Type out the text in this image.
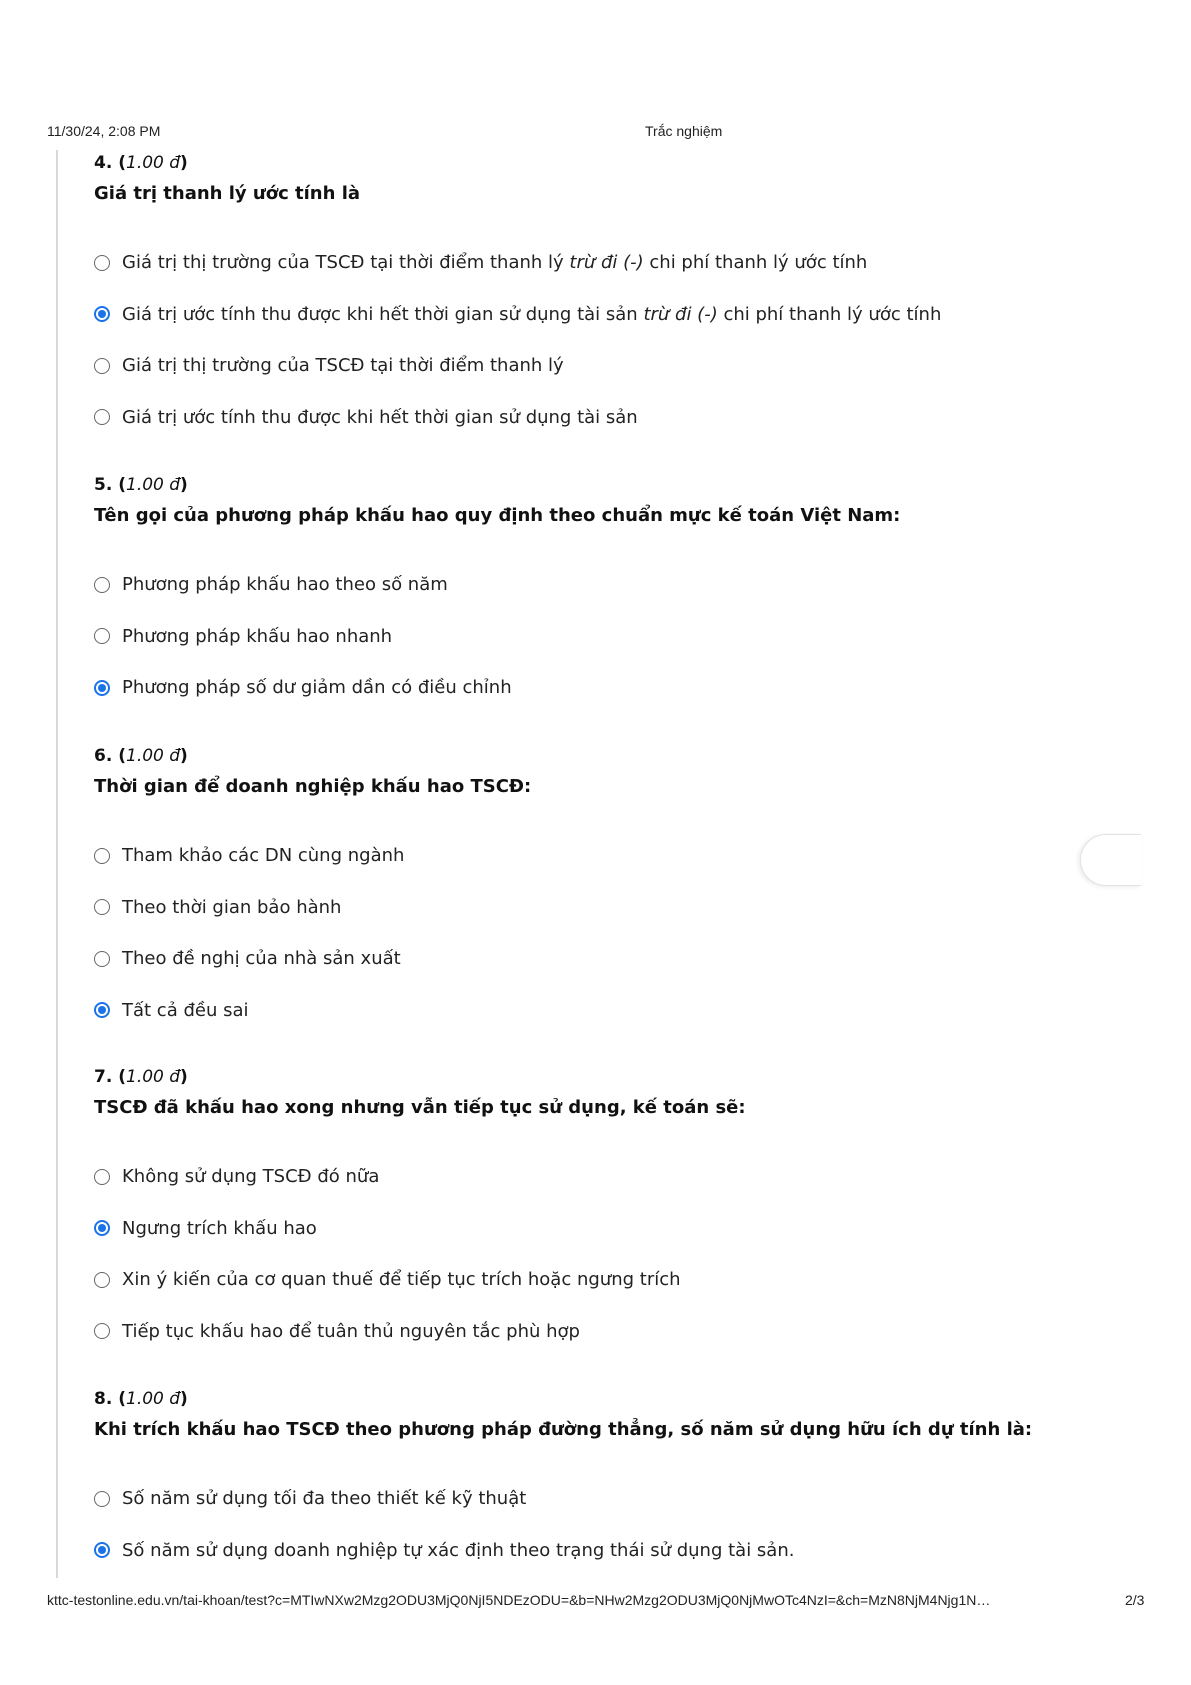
11/30/24, 2:08 PM	Trắc nghiệm
4. (1.00 đ)
Giá trị thanh lý ước tính là
Giá trị thị trường của TSCĐ tại thời điểm thanh lý trừ đi (-) chi phí thanh lý ước tính
Giá trị ước tính thu được khi hết thời gian sử dụng tài sản trừ đi (-) chi phí thanh lý ước tính
Giá trị thị trường của TSCĐ tại thời điểm thanh lý
Giá trị ước tính thu được khi hết thời gian sử dụng tài sản
5. (1.00 đ)
Tên gọi của phương pháp khấu hao quy định theo chuẩn mực kế toán Việt Nam:
Phương pháp khấu hao theo số năm
Phương pháp khấu hao nhanh
Phương pháp số dư giảm dần có điều chỉnh
6. (1.00 đ)
Thời gian để doanh nghiệp khấu hao TSCĐ:
Tham khảo các DN cùng ngành
Theo thời gian bảo hành
Theo đề nghị của nhà sản xuất
Tất cả đều sai
7. (1.00 đ)
TSCĐ đã khấu hao xong nhưng vẫn tiếp tục sử dụng, kế toán sẽ:
Không sử dụng TSCĐ đó nữa
Ngưng trích khấu hao
Xin ý kiến của cơ quan thuế để tiếp tục trích hoặc ngưng trích
Tiếp tục khấu hao để tuân thủ nguyên tắc phù hợp
8. (1.00 đ)
Khi trích khấu hao TSCĐ theo phương pháp đường thẳng, số năm sử dụng hữu ích dự tính là:
Số năm sử dụng tối đa theo thiết kế kỹ thuật
Số năm sử dụng doanh nghiệp tự xác định theo trạng thái sử dụng tài sản.
kttc-testonline.edu.vn/tai-khoan/test?c=MTIwNXw2Mzg2ODU3MjQ0NjI5NDEzODU=&b=NHw2Mzg2ODU3MjQ0NjMwOTc4NzI=&ch=MzN8NjM4Njg1N…	2/3
